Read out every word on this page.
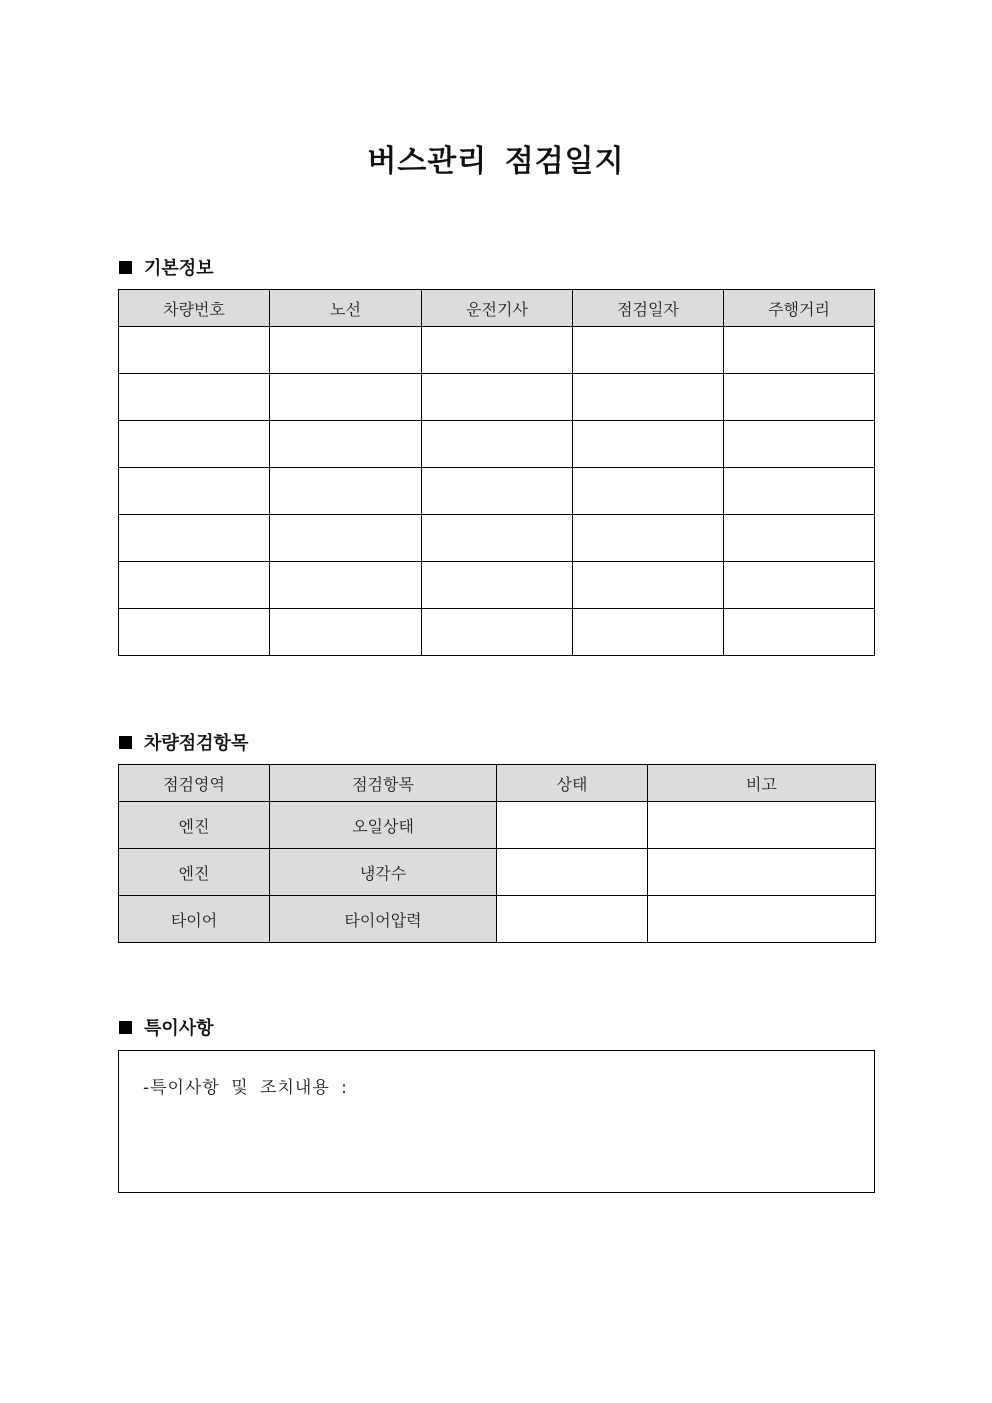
버스관리 점검일지
기본정보
차량번호	노선	운전기사	점검일자	주행거리

차량점검항목
점검영역	점검항목	상태	비고
엔진	오일상태		
엔진	냉각수		
타이어	타이어압력		
특이사항
-특이사항 및 조치내용 :
